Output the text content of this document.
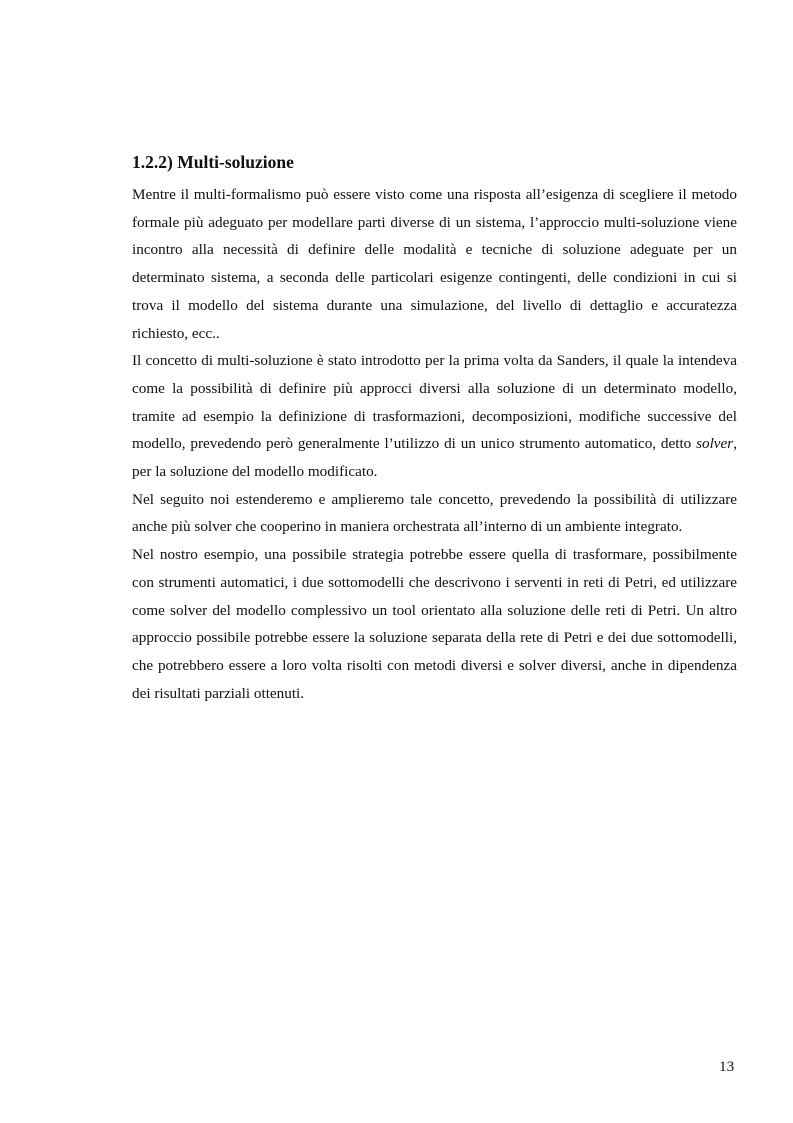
1.2.2) Multi-soluzione

Mentre il multi-formalismo può essere visto come una risposta all’esigenza di scegliere il metodo formale più adeguato per modellare parti diverse di un sistema, l’approccio multi-soluzione viene incontro alla necessità di definire delle modalità e tecniche di soluzione adeguate per un determinato sistema, a seconda delle particolari esigenze contingenti, delle condizioni in cui si trova il modello del sistema durante una simulazione, del livello di dettaglio e accuratezza richiesto, ecc..

Il concetto di multi-soluzione è stato introdotto per la prima volta da Sanders, il quale la intendeva come la possibilità di definire più approcci diversi alla soluzione di un determinato modello, tramite ad esempio la definizione di trasformazioni, decomposizioni, modifiche successive del modello, prevedendo però generalmente l’utilizzo di un unico strumento automatico, detto solver, per la soluzione del modello modificato.

Nel seguito noi estenderemo e amplieremo tale concetto, prevedendo la possibilità di utilizzare anche più solver che cooperino in maniera orchestrata all’interno di un ambiente integrato.

Nel nostro esempio, una possibile strategia potrebbe essere quella di trasformare, possibilmente con strumenti automatici, i due sottomodelli che descrivono i serventi in reti di Petri, ed utilizzare come solver del modello complessivo un tool orientato alla soluzione delle reti di Petri. Un altro approccio possibile potrebbe essere la soluzione separata della rete di Petri e dei due sottomodelli, che potrebbero essere a loro volta risolti con metodi diversi e solver diversi, anche in dipendenza dei risultati parziali ottenuti.

13
